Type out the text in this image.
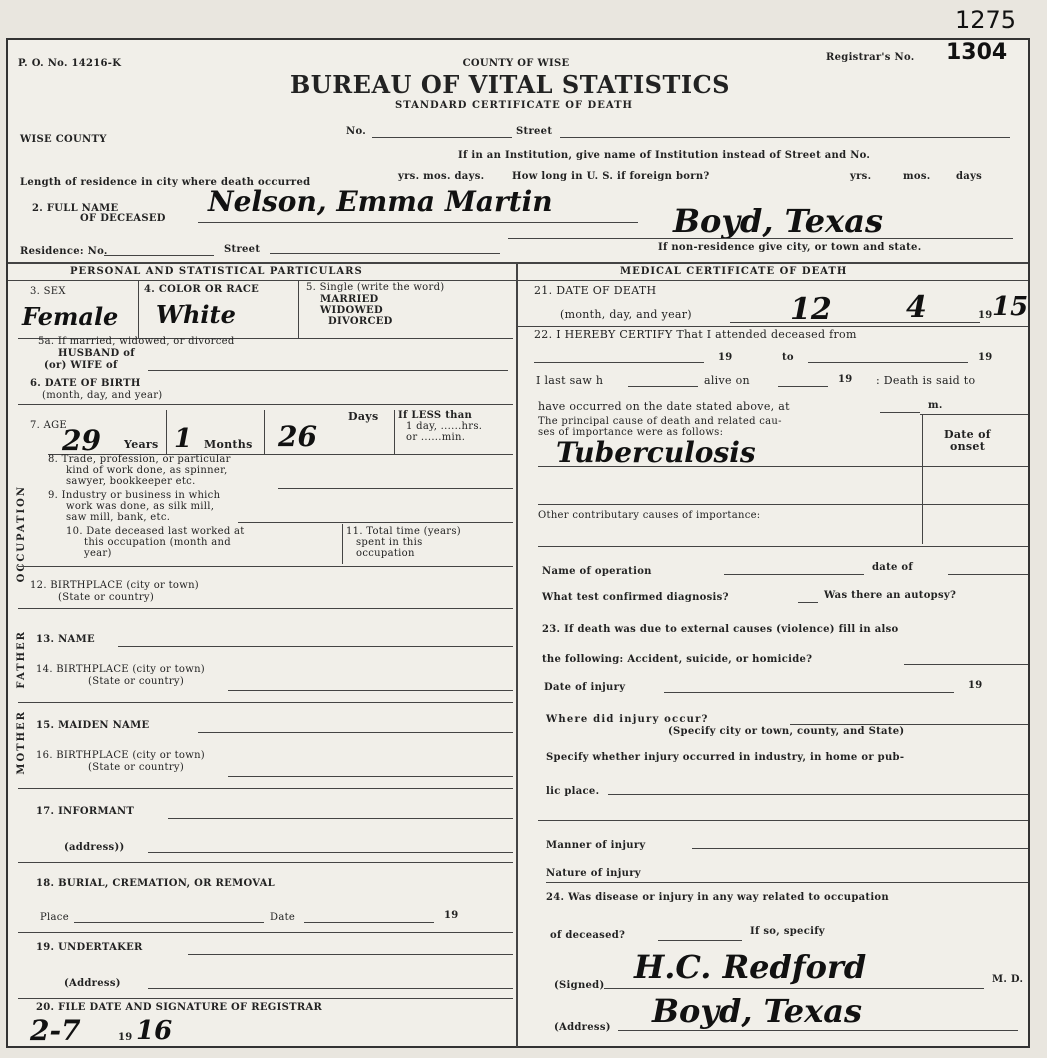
1275
P. O. No. 14216-K	COUNTY OF WISE
BUREAU OF VITAL STATISTICS
STANDARD CERTIFICATE OF DEATH
Registrar's No. 1304
WISE COUNTY
No.	Street
If in an Institution, give name of Institution instead of Street and No.
Length of residence in city where death occurred
yrs. mos. days.	How long in U. S. if foreign born?	yrs.	mos.	days
2. FULL NAME
OF DECEASED
Nelson, Emma Martin
Boyd, Texas
Residence: No.	Street	If non-residence give city, or town and state.
PERSONAL AND STATISTICAL PARTICULARS
3. SEX
Female
4. COLOR OR RACE
White
5. Single (write the word)
MARRIED
WIDOWED
DIVORCED
5a. If married, widowed, or divorced
HUSBAND of
(or) WIFE of
6. DATE OF BIRTH
(month, day, and year)
7. AGE
29 Years 1 Months 26
Days If LESS than
1 day, ......hrs.
or ......min.
OCCUPATION
8. Trade, profession, or particular
kind of work done, as spinner,
sawyer, bookkeeper etc.
9. Industry or business in which
work was done, as silk mill,
saw mill, bank, etc.
10. Date deceased last worked at
this occupation (month and
year)
11. Total time (years)
spent in this
occupation
12. BIRTHPLACE (city or town)
(State or country)
FATHER 13. NAME
14. BIRTHPLACE (city or town)
(State or country)
MOTHER 15. MAIDEN NAME
16. BIRTHPLACE (city or town)
(State or country)
17. INFORMANT
(address))
18. BURIAL, CREMATION, OR REMOVAL
Place	Date	19
19. UNDERTAKER
(Address)
20. FILE DATE AND SIGNATURE OF REGISTRAR
2-7	19 16
MEDICAL CERTIFICATE OF DEATH
21. DATE OF DEATH
(month, day, and year)	12 4	19 15
22. I HEREBY CERTIFY That I attended deceased from
19	to	19
I last saw h	alive on	19 : Death is said to
have occurred on the date stated above, at	m.
The principal cause of death and related cau-
ses of importance were as follows:
Tuberculosis
Date of
onset
Other contributary causes of importance:
Name of operation	date of
What test confirmed diagnosis?	Was there an autopsy?
23. If death was due to external causes (violence) fill in also
the following: Accident, suicide, or homicide?
Date of injury	19
Where did injury occur?
(Specify city or town, county, and State)
Specify whether injury occurred in industry, in home or pub-
lic place.
Manner of injury
Nature of injury
24. Was disease or injury in any way related to occupation
of deceased?	If so, specify
(Signed) H.C. Redford	M. D.
(Address) Boyd, Texas
